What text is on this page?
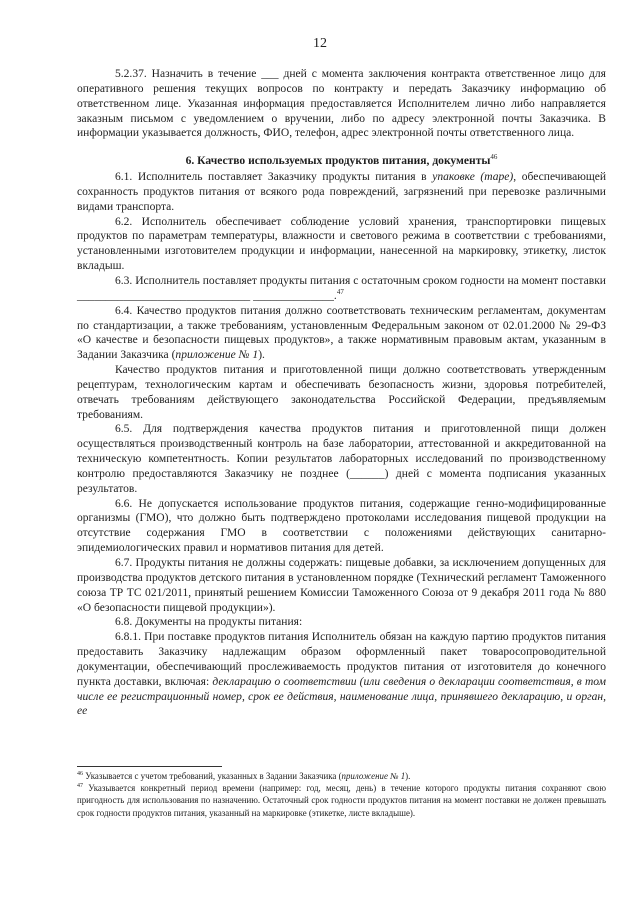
12

5.2.37. Назначить в течение ___ дней с момента заключения контракта ответственное лицо для оперативного решения текущих вопросов по контракту и передать Заказчику информацию об ответственном лице. Указанная информация предоставляется Исполнителем лично либо направляется заказным письмом с уведомлением о вручении, либо по адресу электронной почты Заказчика. В информации указывается должность, ФИО, телефон, адрес электронной почты ответственного лица.

6. Качество используемых продуктов питания, документы$^{46}$

6.1. Исполнитель поставляет Заказчику продукты питания в упаковке (таре), обеспечивающей сохранность продуктов питания от всякого рода повреждений, загрязнений при перевозке различными видами транспорта.

6.2. Исполнитель обеспечивает соблюдение условий хранения, транспортировки пищевых продуктов по параметрам температуры, влажности и светового режима в соответствии с требованиями, установленными изготовителем продукции и информации, нанесенной на маркировку, этикетку, листок вкладыш.

6.3. Исполнитель поставляет продукты питания с остаточным сроком годности на момент поставки ______________________________ ______________.$^{47}$

6.4. Качество продуктов питания должно соответствовать техническим регламентам, документам по стандартизации, а также требованиям, установленным Федеральным законом от 02.01.2000 № 29-ФЗ «О качестве и безопасности пищевых продуктов», а также нормативным правовым актам, указанным в Задании Заказчика (приложение № 1).

Качество продуктов питания и приготовленной пищи должно соответствовать утвержденным рецептурам, технологическим картам и обеспечивать безопасность жизни, здоровья потребителей, отвечать требованиям действующего законодательства Российской Федерации, предъявляемым требованиям.

6.5. Для подтверждения качества продуктов питания и приготовленной пищи должен осуществляться производственный контроль на базе лаборатории, аттестованной и аккредитованной на техническую компетентность. Копии результатов лабораторных исследований по производственному контролю предоставляются Заказчику не позднее (______) дней с момента подписания указанных результатов.

6.6. Не допускается использование продуктов питания, содержащие генно-модифицированные организмы (ГМО), что должно быть подтверждено протоколами исследования пищевой продукции на отсутствие содержания ГМО в соответствии с положениями действующих санитарно-эпидемиологических правил и нормативов питания для детей.

6.7. Продукты питания не должны содержать: пищевые добавки, за исключением допущенных для производства продуктов детского питания в установленном порядке (Технический регламент Таможенного союза ТР ТС 021/2011, принятый решением Комиссии Таможенного Союза от 9 декабря 2011 года № 880 «О безопасности пищевой продукции»).

6.8. Документы на продукты питания:

6.8.1. При поставке продуктов питания Исполнитель обязан на каждую партию продуктов питания предоставить Заказчику надлежащим образом оформленный пакет товаросопроводительной документации, обеспечивающий прослеживаемость продуктов питания от изготовителя до конечного пункта доставки, включая: декларацию о соответствии (или сведения о декларации соответствия, в том числе ее регистрационный номер, срок ее действия, наименование лица, принявшего декларацию, и орган, ее

$^{46}$ Указывается с учетом требований, указанных в Задании Заказчика (приложение № 1).

$^{47}$ Указывается конкретный период времени (например: год, месяц, день) в течение которого продукты питания сохраняют свою пригодность для использования по назначению. Остаточный срок годности продуктов питания на момент поставки не должен превышать срок годности продуктов питания, указанный на маркировке (этикетке, листе вкладыше).
